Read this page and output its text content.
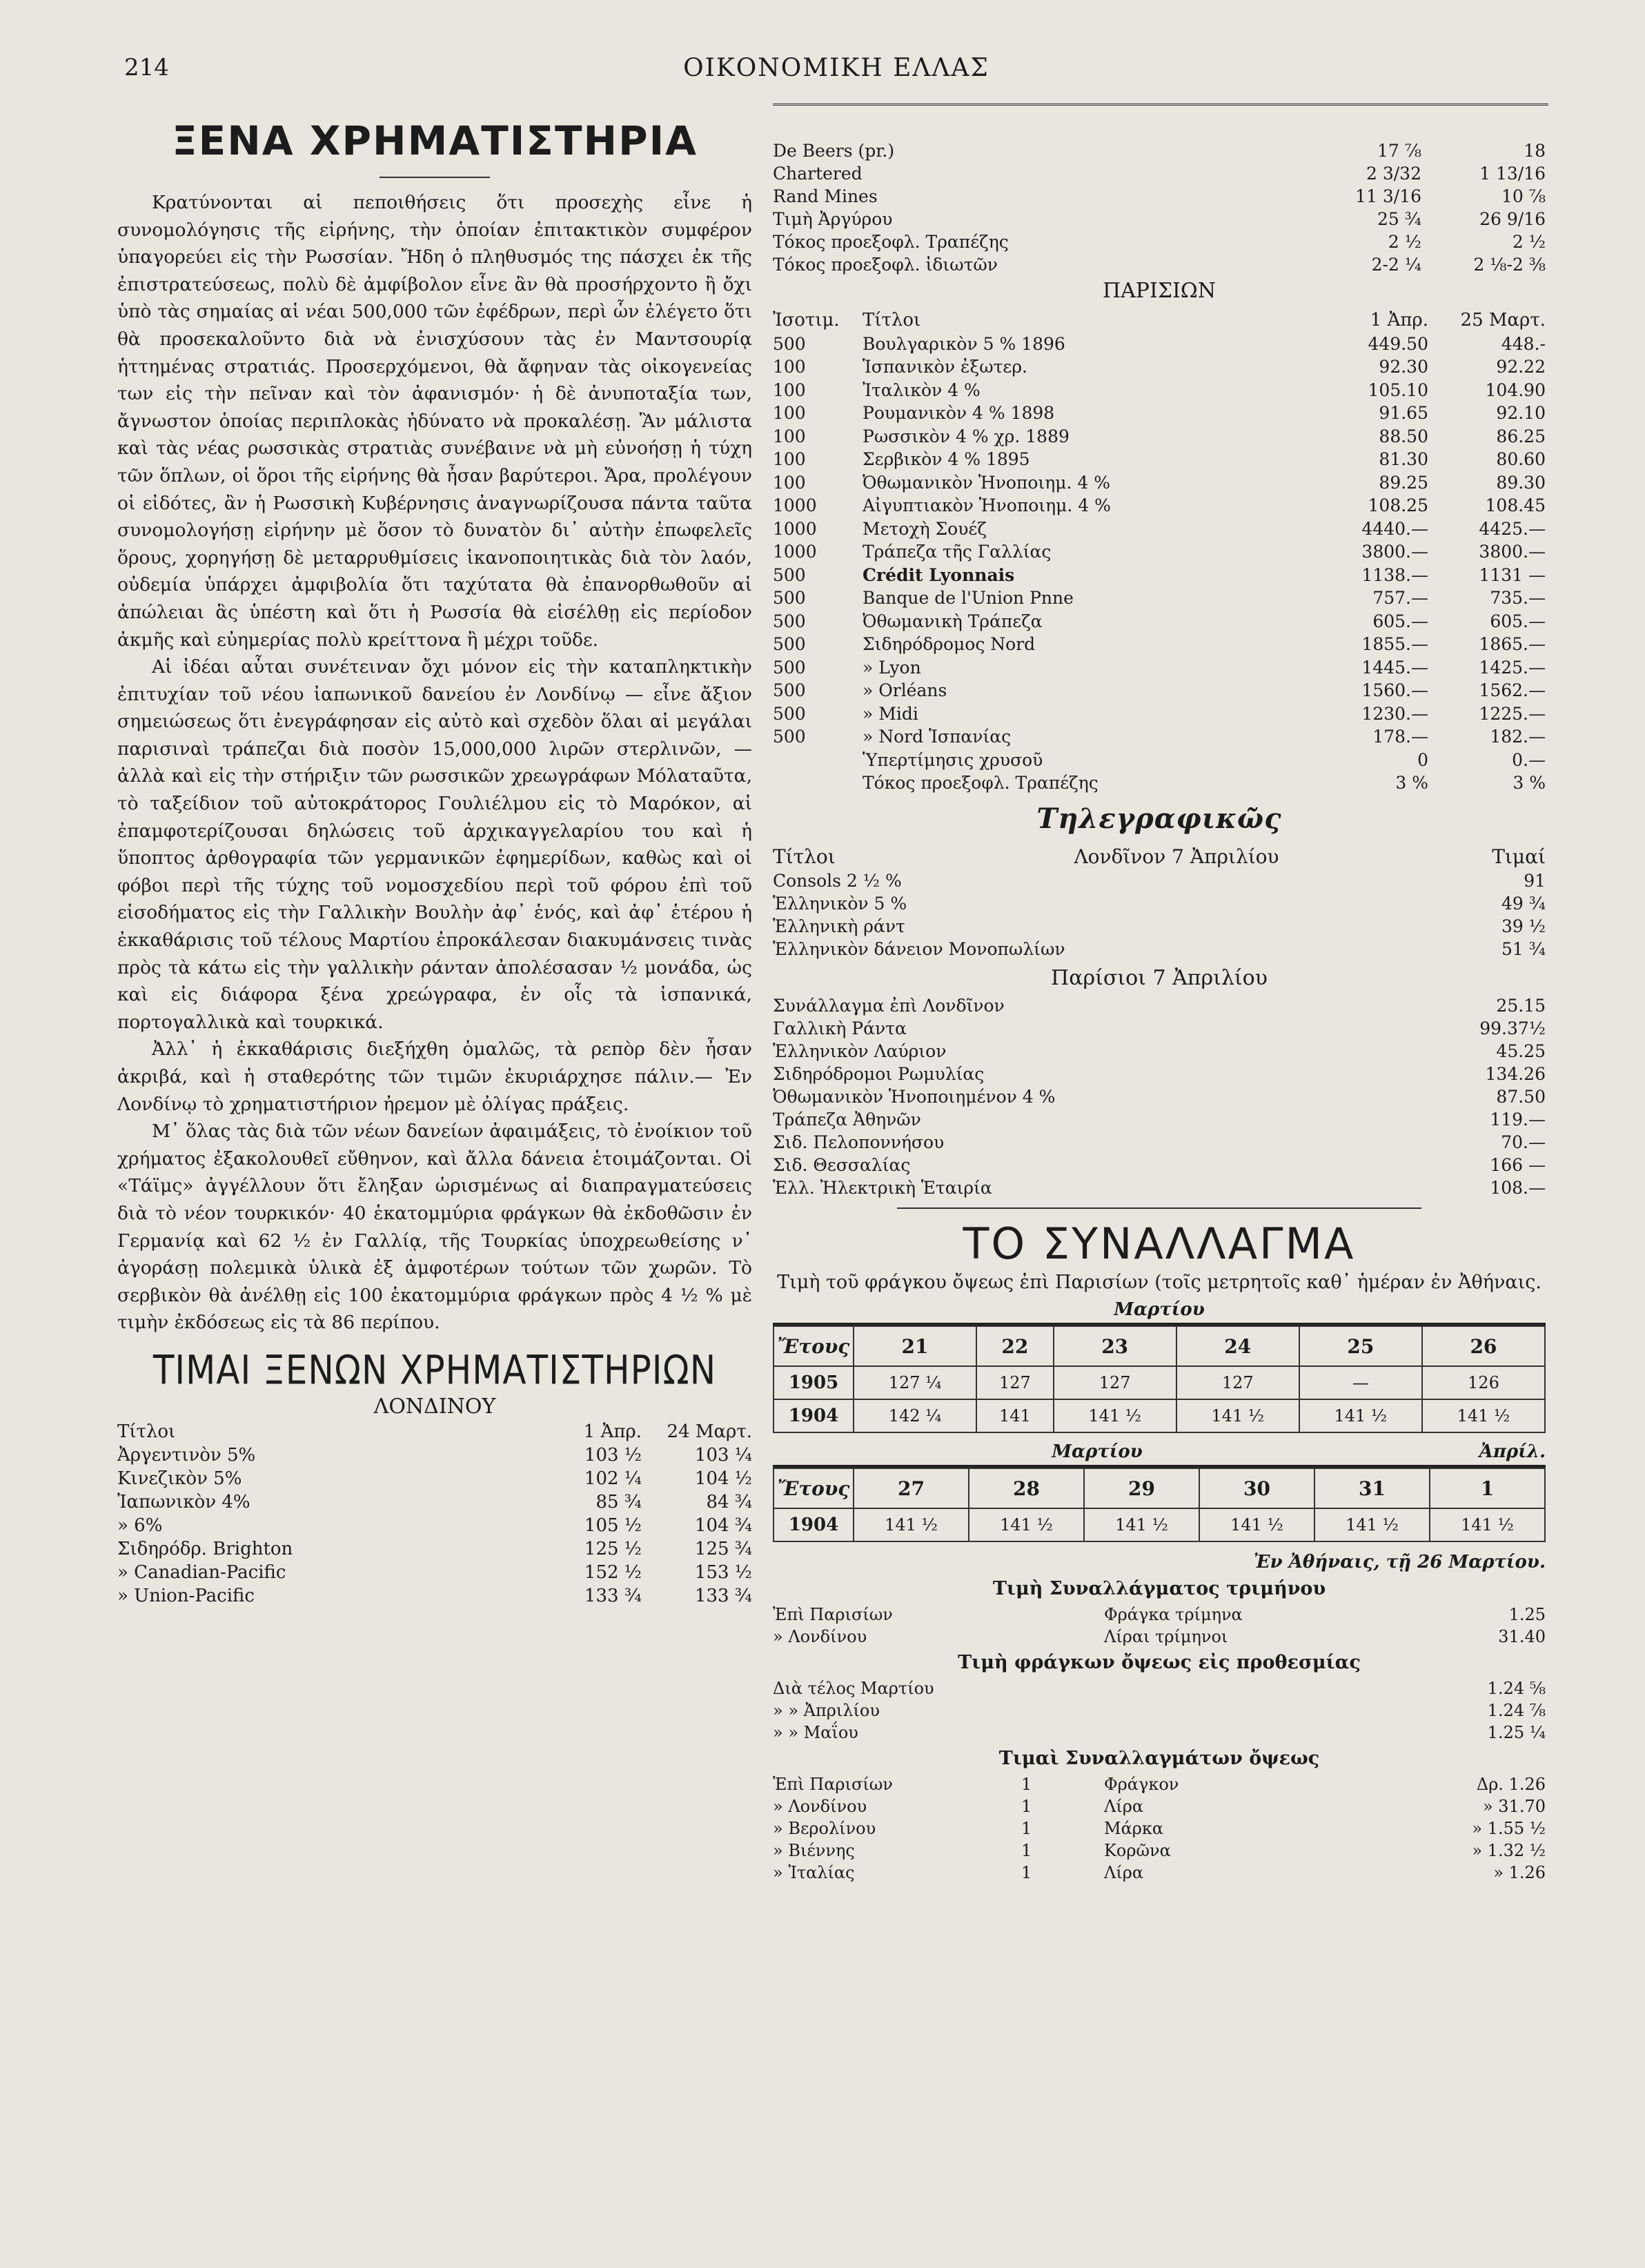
214	ΟΙΚΟΝΟΜΙΚΗ ΕΛΛΑΣ
ΞΕΝΑ ΧΡΗΜΑΤΙΣΤΗΡΙΑ

Κρατύνονται αἱ πεποιθήσεις ὅτι προσεχὴς εἶνε ἡ συνομολόγησις τῆς εἰρήνης, τὴν ὁποίαν ἐπιτακτικὸν συμφέρον ὑπαγορεύει εἰς τὴν Ρωσσίαν. Ἤδη ὁ πληθυσμός της πάσχει ἐκ τῆς ἐπιστρατεύσεως, πολὺ δὲ ἀμφίβολον εἶνε ἂν θὰ προσήρχοντο ἢ ὄχι ὑπὸ τὰς σημαίας αἱ νέαι 500,000 τῶν ἐφέδρων, περὶ ὧν ἐλέγετο ὅτι θὰ προσεκαλοῦντο διὰ νὰ ἐνισχύσουν τὰς ἐν Μαντσουρίᾳ ἡττημένας στρατιάς. Προσερχόμενοι, θὰ ἄφηναν τὰς οἰκογενείας των εἰς τὴν πεῖναν καὶ τὸν ἀφανισμόν· ἡ δὲ ἀνυποταξία των, ἄγνωστον ὁποίας περιπλοκὰς ἠδύνατο νὰ προκαλέσῃ. Ἂν μάλιστα καὶ τὰς νέας ρωσσικὰς στρατιὰς συνέβαινε νὰ μὴ εὐνοήσῃ ἡ τύχη τῶν ὅπλων, οἱ ὅροι τῆς εἰρήνης θὰ ἦσαν βαρύτεροι. Ἄρα, προλέγουν οἱ εἰδότες, ἂν ἡ Ρωσσικὴ Κυβέρνησις ἀναγνωρίζουσα πάντα ταῦτα συνομολογήσῃ εἰρήνην μὲ ὅσον τὸ δυνατὸν δι᾽ αὐτὴν ἐπωφελεῖς ὅρους, χορηγήσῃ δὲ μεταρρυθμίσεις ἱκανοποιητικὰς διὰ τὸν λαόν, οὐδεμία ὑπάρχει ἀμφιβολία ὅτι ταχύτατα θὰ ἐπανορθωθοῦν αἱ ἀπώλειαι ἃς ὑπέστη καὶ ὅτι ἡ Ρωσσία θὰ εἰσέλθῃ εἰς περίοδον ἀκμῆς καὶ εὐημερίας πολὺ κρείττονα ἢ μέχρι τοῦδε.

Αἱ ἰδέαι αὗται συνέτειναν ὄχι μόνον εἰς τὴν καταπληκτικὴν ἐπιτυχίαν τοῦ νέου ἰαπωνικοῦ δανείου ἐν Λονδίνῳ — εἶνε ἄξιον σημειώσεως ὅτι ἐνεγράφησαν εἰς αὐτὸ καὶ σχεδὸν ὅλαι αἱ μεγάλαι παρισιναὶ τράπεζαι διὰ ποσὸν 15,000,000 λιρῶν στερλινῶν, — ἀλλὰ καὶ εἰς τὴν στήριξιν τῶν ρωσσικῶν χρεωγράφων Μόλαταῦτα, τὸ ταξείδιον τοῦ αὐτοκράτορος Γουλιέλμου εἰς τὸ Μαρόκον, αἱ ἐπαμφοτερίζουσαι δηλώσεις τοῦ ἀρχικαγγελαρίου του καὶ ἡ ὕποπτος ἀρθογραφία τῶν γερμανικῶν ἐφημερίδων, καθὼς καὶ οἱ φόβοι περὶ τῆς τύχης τοῦ νομοσχεδίου περὶ τοῦ φόρου ἐπὶ τοῦ εἰσοδήματος εἰς τὴν Γαλλικὴν Βουλὴν ἀφ᾽ ἑνός, καὶ ἀφ᾽ ἑτέρου ἡ ἐκκαθάρισις τοῦ τέλους Μαρτίου ἐπροκάλεσαν διακυμάνσεις τινὰς πρὸς τὰ κάτω εἰς τὴν γαλλικὴν ράνταν ἀπολέσασαν ½ μονάδα, ὡς καὶ εἰς διάφορα ξένα χρεώγραφα, ἐν οἷς τὰ ἱσπανικά, πορτογαλλικὰ καὶ τουρκικά.

Ἀλλ᾽ ἡ ἐκκαθάρισις διεξήχθη ὁμαλῶς, τὰ ρεπὸρ δὲν ἦσαν ἀκριβά, καὶ ἡ σταθερότης τῶν τιμῶν ἐκυριάρχησε πάλιν.— Ἐν Λονδίνῳ τὸ χρηματιστήριον ἠρεμον μὲ ὀλίγας πράξεις.

Μ᾽ ὅλας τὰς διὰ τῶν νέων δανείων ἀφαιμάξεις, τὸ ἐνοίκιον τοῦ χρήματος ἐξακολουθεῖ εὔθηνον, καὶ ἄλλα δάνεια ἑτοιμάζονται. Οἱ «Τάϊμς» ἀγγέλλουν ὅτι ἔληξαν ὡρισμένως αἱ διαπραγματεύσεις διὰ τὸ νέον τουρκικόν· 40 ἑκατομμύρια φράγκων θὰ ἐκδοθῶσιν ἐν Γερμανίᾳ καὶ 62 ½ ἐν Γαλλίᾳ, τῆς Τουρκίας ὑποχρεωθείσης ν᾽ ἀγοράσῃ πολεμικὰ ὑλικὰ ἐξ ἀμφοτέρων τούτων τῶν χωρῶν. Τὸ σερβικὸν θὰ ἀνέλθῃ εἰς 100 ἑκατομμύρια φράγκων πρὸς 4 ½ % μὲ τιμὴν ἐκδόσεως εἰς τὰ 86 περίπου.

ΤΙΜΑΙ ΞΕΝΩΝ ΧΡΗΜΑΤΙΣΤΗΡΙΩΝ
ΛΟΝΔΙΝΟΥ
Τίτλοι	1 Ἀπρ.	24 Μαρτ.
Ἀργεντινὸν 5%	103 ½	103 ¼
Κινεζικὸν 5%	102 ¼	104 ½
Ἰαπωνικὸν 4%	85 ¾	84 ¾
» 6%	105 ½	104 ¾
Σιδηρόδρ. Brighton	125 ½	125 ¾
» Canadian-Pacific	152 ½	153 ½
» Union-Pacific	133 ¾	133 ¾
De Beers (pr.)	17 ⅞	18
Chartered	2 3/32	1 13/16
Rand Mines	11 3/16	10 ⅞
Τιμὴ Ἀργύρου	25 ¾	26 9/16
Τόκος προεξοφλ. Τραπέζης	2 ½	2 ½
Τόκος προεξοφλ. ἰδιωτῶν	2-2 ¼	2 ⅛-2 ⅜
ΠΑΡΙΣΙΩΝ
Ἰσοτιμ.	Τίτλοι	1 Ἀπρ.	25 Μαρτ.
500	Βουλγαρικὸν 5 % 1896	449.50	448.-
100	Ἱσπανικὸν ἐξωτερ.	92.30	92.22
100	Ἰταλικὸν 4 %	105.10	104.90
100	Ρουμανικὸν 4 % 1898	91.65	92.10
100	Ρωσσικὸν 4 % χρ. 1889	88.50	86.25
100	Σερβικὸν 4 % 1895	81.30	80.60
100	Ὀθωμανικὸν Ἡνοποιημ. 4 %	89.25	89.30
1000	Αἰγυπτιακὸν Ἡνοποιημ. 4 %	108.25	108.45
1000	Μετοχὴ Σουέζ	4440.—	4425.—
1000	Τράπεζα τῆς Γαλλίας	3800.—	3800.—
500	Crédit Lyonnais	1138.—	1131 —
500	Banque de l'Union Pnne	757.—	735.—
500	Ὀθωμανικὴ Τράπεζα	605.—	605.—
500	Σιδηρόδρομος Nord	1855.—	1865.—
500	» Lyon	1445.—	1425.—
500	» Orléans	1560.—	1562.—
500	» Midi	1230.—	1225.—
500	» Nord Ἱσπανίας	178.—	182.—
Ὑπερτίμησις χρυσοῦ	0	0.—
Τόκος προεξοφλ. Τραπέζης	3 %	3 %
Τηλεγραφικῶς
Τίτλοι	Λονδῖνον 7 Ἀπριλίου	Τιμαί
Consols 2 ½ %	91
Ἑλληνικὸν 5 %	49 ¾
Ἑλληνικὴ ράντ	39 ½
Ἑλληνικὸν δάνειον Μονοπωλίων	51 ¾
Παρίσιοι 7 Ἀπριλίου
Συνάλλαγμα ἐπὶ Λονδῖνον	25.15
Γαλλικὴ Ράντα	99.37½
Ἑλληνικὸν Λαύριον	45.25
Σιδηρόδρομοι Ρωμυλίας	134.26
Ὀθωμανικὸν Ἡνοποιημένον 4 %	87.50
Τράπεζα Ἀθηνῶν	119.—
Σιδ. Πελοποννήσου	70.—
Σιδ. Θεσσαλίας	166 —
Ἑλλ. Ἠλεκτρικὴ Ἑταιρία	108.—
ΤΟ ΣΥΝΑΛΛΑΓΜΑ
Τιμὴ τοῦ φράγκου ὄψεως ἐπὶ Παρισίων (τοῖς μετρητοῖς καθ᾽ ἡμέραν ἐν Ἀθήναις.
Μαρτίου
Ἔτους	21	22	23	24	25	26
1905	127 ¼	127	127	127	—	126
1904	142 ¼	141	141 ½	141 ½	141 ½	141 ½
Μαρτίου	Ἀπρίλ.
Ἔτους	27	28	29	30	31	1
1904	141 ½	141 ½	141 ½	141 ½	141 ½	141 ½
Ἐν Ἀθήναις, τῇ 26 Μαρτίου.
Τιμὴ Συναλλάγματος τριμήνου
Ἐπὶ Παρισίων	Φράγκα τρίμηνα	1.25
» Λονδίνου	Λίραι τρίμηνοι	31.40
Τιμὴ φράγκων ὄψεως εἰς προθεσμίας
Διὰ τέλος Μαρτίου	1.24 ⅝
» » Ἀπριλίου	1.24 ⅞
» » Μαΐου	1.25 ¼
Τιμαὶ Συναλλαγμάτων ὄψεως
Ἐπὶ Παρισίων	1	Φράγκον	Δρ. 1.26
» Λονδίνου	1	Λίρα	» 31.70
» Βερολίνου	1	Μάρκα	» 1.55 ½
» Βιέννης	1	Κορῶνα	» 1.32 ½
» Ἰταλίας	1	Λίρα	» 1.26
